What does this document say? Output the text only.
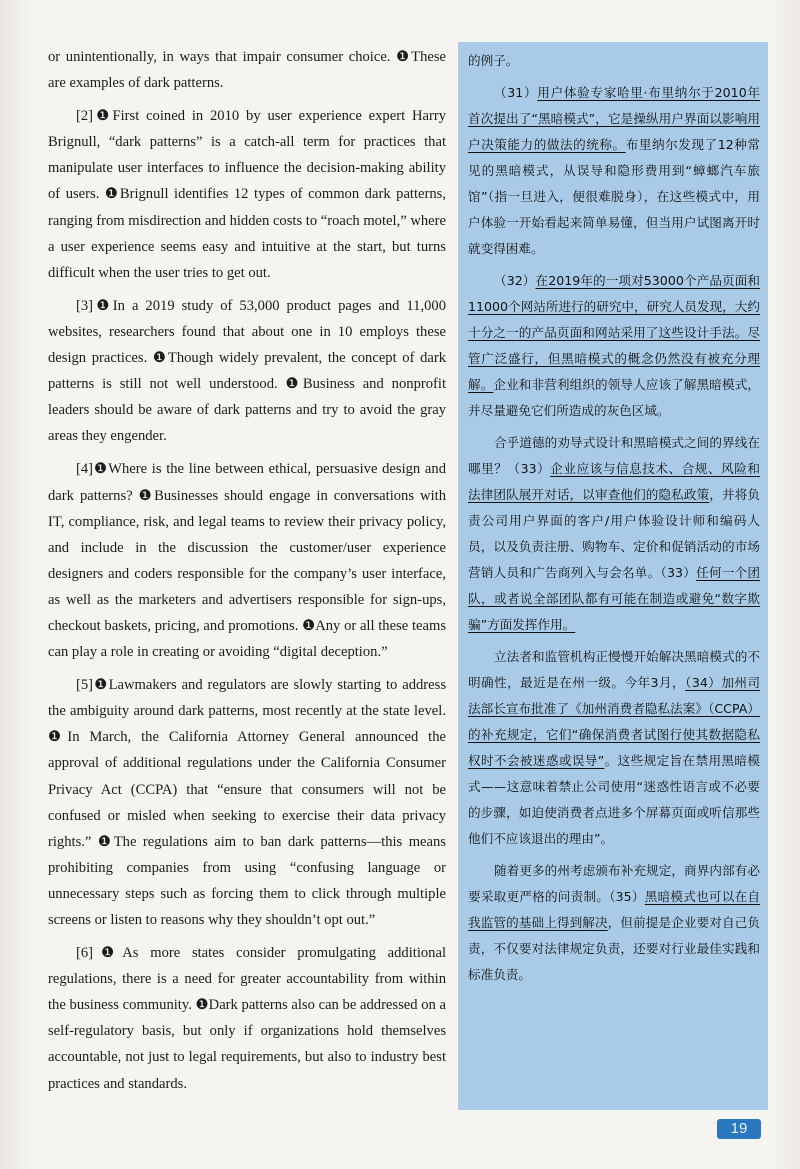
or unintentionally, in ways that impair consumer choice. ❶These are examples of dark patterns.

[2]❶First coined in 2010 by user experience expert Harry Brignull, “dark patterns” is a catch-all term for practices that manipulate user interfaces to influence the decision-making ability of users. ❶Brignull identifies 12 types of common dark patterns, ranging from misdirection and hidden costs to “roach motel,” where a user experience seems easy and intuitive at the start, but turns difficult when the user tries to get out.

[3]❶In a 2019 study of 53,000 product pages and 11,000 websites, researchers found that about one in 10 employs these design practices. ❶Though widely prevalent, the concept of dark patterns is still not well understood. ❶Business and nonprofit leaders should be aware of dark patterns and try to avoid the gray areas they engender.

[4]❶Where is the line between ethical, persuasive design and dark patterns? ❶Businesses should engage in conversations with IT, compliance, risk, and legal teams to review their privacy policy, and include in the discussion the customer/user experience designers and coders responsible for the company’s user interface, as well as the marketers and advertisers responsible for sign-ups, checkout baskets, pricing, and promotions. ❶Any or all these teams can play a role in creating or avoiding “digital deception.”

[5]❶Lawmakers and regulators are slowly starting to address the ambiguity around dark patterns, most recently at the state level. ❶In March, the California Attorney General announced the approval of additional regulations under the California Consumer Privacy Act (CCPA) that “ensure that consumers will not be confused or misled when seeking to exercise their data privacy rights.” ❶The regulations aim to ban dark patterns—this means prohibiting companies from using “confusing language or unnecessary steps such as forcing them to click through multiple screens or listen to reasons why they shouldn’t opt out.”

[6]❶As more states consider promulgating additional regulations, there is a need for greater accountability from within the business community. ❶Dark patterns also can be addressed on a self-regulatory basis, but only if organizations hold themselves accountable, not just to legal requirements, but also to industry best practices and standards.

的例子。

（31）用户体验专家哈里·布里纳尔于2010年首次提出了“黑暗模式”，它是操纵用户界面以影响用户决策能力的做法的统称。布里纳尔发现了12种常见的黑暗模式，从误导和隐形费用到“蟑螂汽车旅馆”（指一旦进入，便很难脱身），在这些模式中，用户体验一开始看起来简单易懂，但当用户试图离开时就变得困难。

（32）在2019年的一项对53000个产品页面和11000个网站所进行的研究中，研究人员发现，大约十分之一的产品页面和网站采用了这些设计手法。尽管广泛盛行，但黑暗模式的概念仍然没有被充分理解。企业和非营利组织的领导人应该了解黑暗模式，并尽量避免它们所造成的灰色区域。

合乎道德的劝导式设计和黑暗模式之间的界线在哪里？（33）企业应该与信息技术、合规、风险和法律团队展开对话，以审查他们的隐私政策，并将负责公司用户界面的客户/用户体验设计师和编码人员，以及负责注册、购物车、定价和促销活动的市场营销人员和广告商列入与会名单。（33）任何一个团队，或者说全部团队都有可能在制造或避免“数字欺骗”方面发挥作用。

立法者和监管机构正慢慢开始解决黑暗模式的不明确性，最近是在州一级。今年3月，（34）加州司法部长宣布批准了《加州消费者隐私法案》（CCPA）的补充规定，它们“确保消费者试图行使其数据隐私权时不会被迷惑或误导”。这些规定旨在禁用黑暗模式——这意味着禁止公司使用“迷惑性语言或不必要的步骤，如迫使消费者点进多个屏幕页面或听信那些他们不应该退出的理由”。

随着更多的州考虑颁布补充规定，商界内部有必要采取更严格的问责制。（35）黑暗模式也可以在自我监管的基础上得到解决，但前提是企业要对自己负责，不仅要对法律规定负责，还要对行业最佳实践和标准负责。

19
